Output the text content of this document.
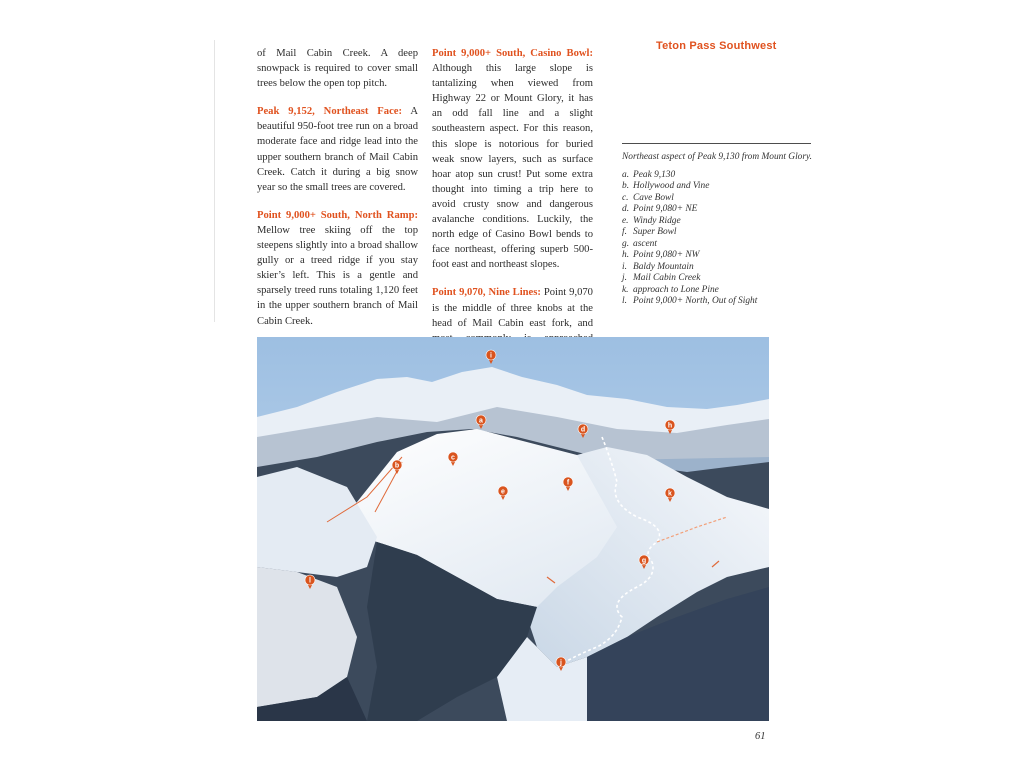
Teton Pass Southwest

of Mail Cabin Creek. A deep snowpack is required to cover small trees below the open top pitch.

Peak 9,152, Northeast Face: A beautiful 950-foot tree run on a broad moderate face and ridge lead into the upper southern branch of Mail Cabin Creek. Catch it during a big snow year so the small trees are covered.

Point 9,000+ South, North Ramp: Mellow tree skiing off the top steepens slightly into a broad shallow gully or a treed ridge if you stay skier’s left. This is a gentle and sparsely treed runs totaling 1,120 feet in the upper southern branch of Mail Cabin Creek.

Point 9,000+ South, Casino Bowl: Although this large slope is tantalizing when viewed from Highway 22 or Mount Glory, it has an odd fall line and a slight southeastern aspect. For this reason, this slope is notorious for buried weak snow layers, such as surface hoar atop sun crust! Put some extra thought into timing a trip here to avoid crusty snow and dangerous avalanche conditions. Luckily, the north edge of Casino Bowl bends to face northeast, offering superb 500-foot east and northeast slopes.

Point 9,070, Nine Lines: Point 9,070 is the middle of three knobs at the head of Mail Cabin east fork, and

Northeast aspect of Peak 9,130 from Mount Glory.
a. Peak 9,130
b. Hollywood and Vine
c. Cave Bowl
d. Point 9,080+ NE
e. Windy Ridge
f. Super Bowl
g. ascent
h. Point 9,080+ NW
i. Baldy Mountain
j. Mail Cabin Creek
k. approach to Lone Pine
l. Point 9,000+ North, Out of Sight
i
a
d
h
b
c
e
f
k
g
l
j
61
